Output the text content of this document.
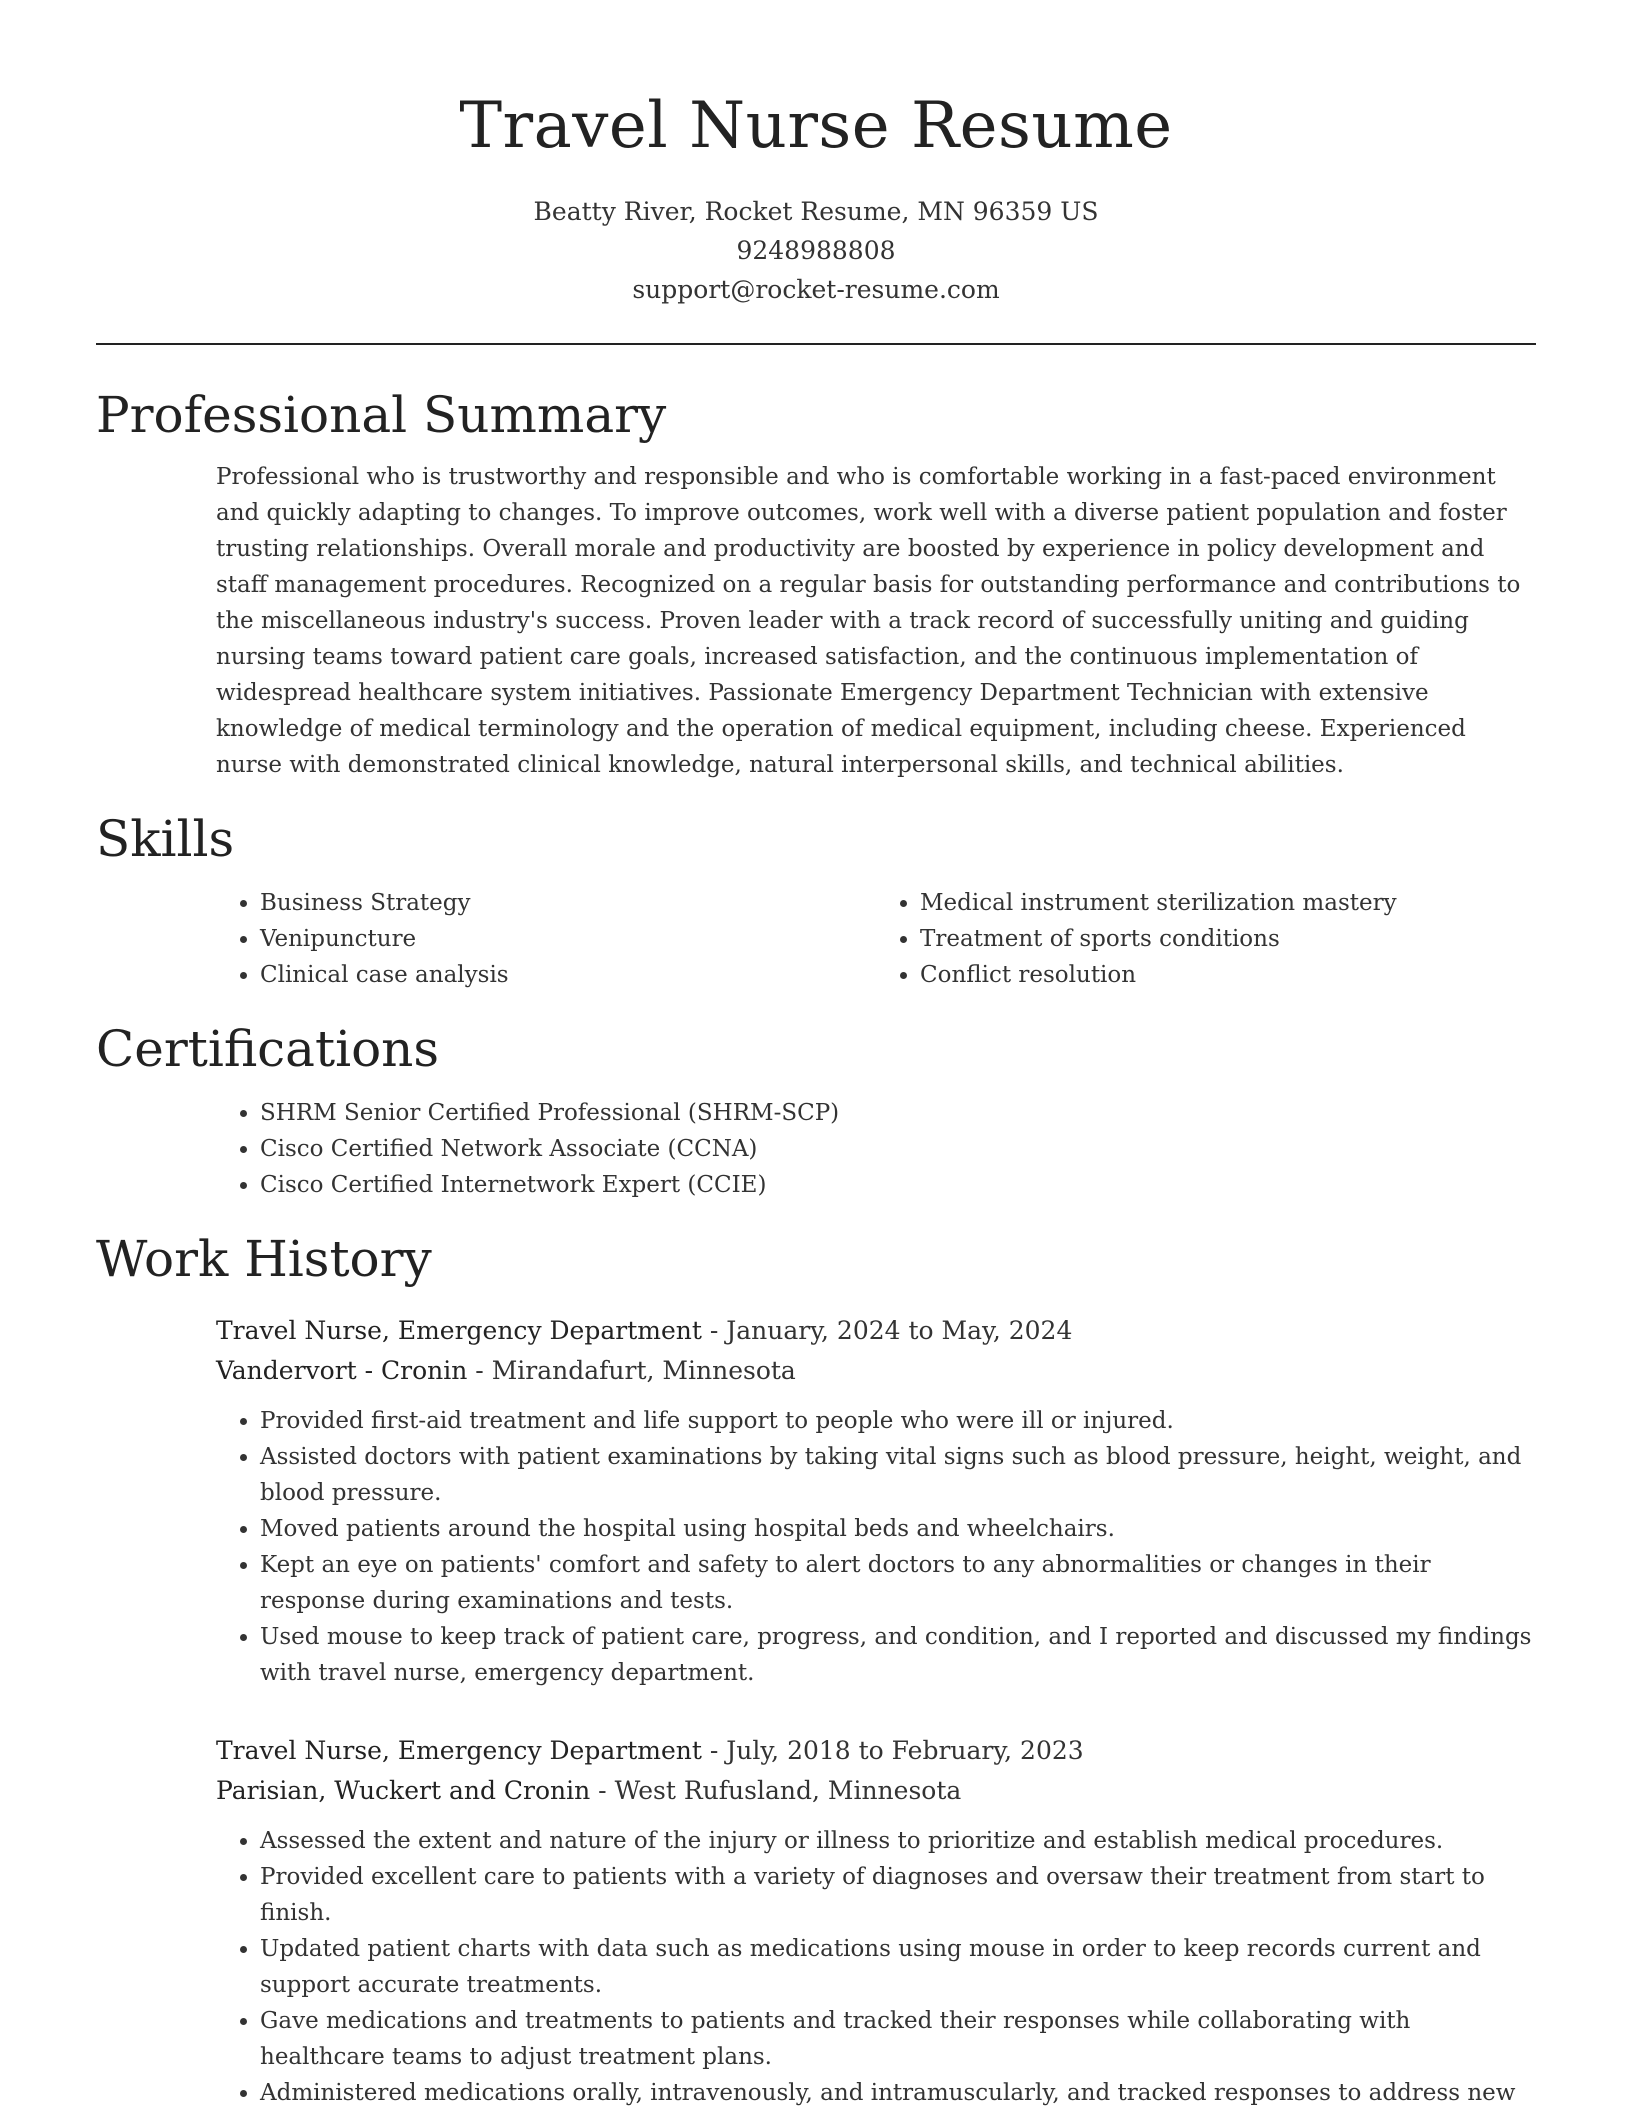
Travel Nurse Resume
Beatty River, Rocket Resume, MN 96359 US
9248988808
support@rocket-resume.com
Professional Summary

Professional who is trustworthy and responsible and who is comfortable working in a fast-paced environment and quickly adapting to changes. To improve outcomes, work well with a diverse patient population and foster trusting relationships. Overall morale and productivity are boosted by experience in policy development and staff management procedures. Recognized on a regular basis for outstanding performance and contributions to the miscellaneous industry's success. Proven leader with a track record of successfully uniting and guiding nursing teams toward patient care goals, increased satisfaction, and the continuous implementation of widespread healthcare system initiatives. Passionate Emergency Department Technician with extensive knowledge of medical terminology and the operation of medical equipment, including cheese. Experienced nurse with demonstrated clinical knowledge, natural interpersonal skills, and technical abilities.

Skills
• Business Strategy
• Venipuncture
• Clinical case analysis
• Medical instrument sterilization mastery
• Treatment of sports conditions
• Conflict resolution
Certifications
• SHRM Senior Certified Professional (SHRM-SCP)
• Cisco Certified Network Associate (CCNA)
• Cisco Certified Internetwork Expert (CCIE)
Work History
Travel Nurse, Emergency Department - January, 2024 to May, 2024
Vandervort - Cronin - Mirandafurt, Minnesota
• Provided first-aid treatment and life support to people who were ill or injured.
• Assisted doctors with patient examinations by taking vital signs such as blood pressure, height, weight, and blood pressure.
• Moved patients around the hospital using hospital beds and wheelchairs.
• Kept an eye on patients' comfort and safety to alert doctors to any abnormalities or changes in their response during examinations and tests.
• Used mouse to keep track of patient care, progress, and condition, and I reported and discussed my findings with travel nurse, emergency department.
Travel Nurse, Emergency Department - July, 2018 to February, 2023
Parisian, Wuckert and Cronin - West Rufusland, Minnesota
• Assessed the extent and nature of the injury or illness to prioritize and establish medical procedures.
• Provided excellent care to patients with a variety of diagnoses and oversaw their treatment from start to finish.
• Updated patient charts with data such as medications using mouse in order to keep records current and support accurate treatments.
• Gave medications and treatments to patients and tracked their responses while collaborating with healthcare teams to adjust treatment plans.
• Administered medications orally, intravenously, and intramuscularly, and tracked responses to address new
